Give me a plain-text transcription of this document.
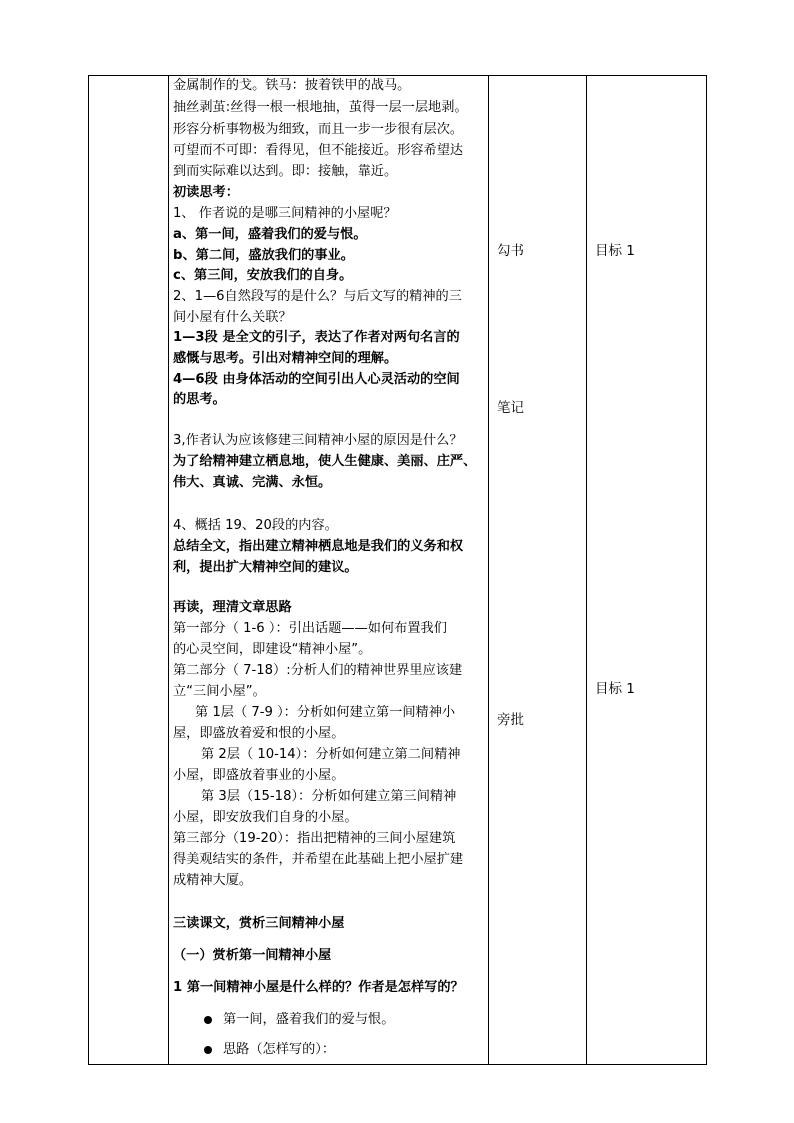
金属制作的戈。铁马：披着铁甲的战马。
抽丝剥茧:丝得一根一根地抽，茧得一层一层地剥。
形容分析事物极为细致，而且一步一步很有层次。
可望而不可即：看得见，但不能接近。形容希望达
到而实际难以达到。即：接触，靠近。
初读思考：
1、 作者说的是哪三间精神的小屋呢？
a、第一间，盛着我们的爱与恨。
b、第二间，盛放我们的事业。
c、第三间，安放我们的自身。
2、1—6自然段写的是什么？与后文写的精神的三
间小屋有什么关联？
1—3段 是全文的引子，表达了作者对两句名言的
感慨与思考。引出对精神空间的理解。
4—6段 由身体活动的空间引出人心灵活动的空间
的思考。
3,作者认为应该修建三间精神小屋的原因是什么？
为了给精神建立栖息地，使人生健康、美丽、庄严、
伟大、真诚、完满、永恒。
4、概括 19、20段的内容。
总结全文，指出建立精神栖息地是我们的义务和权
利，提出扩大精神空间的建议。
再读，理清文章思路
第一部分（ 1-6 ）：引出话题——如何布置我们
的心灵空间，即建设“精神小屋”。
第二部分（ 7-18）:分析人们的精神世界里应该建
立“三间小屋”。
第 1层（ 7-9 ）：分析如何建立第一间精神小
屋，即盛放着爱和恨的小屋。
第 2层（ 10-14）：分析如何建立第二间精神
小屋，即盛放着事业的小屋。
第 3层（15-18）：分析如何建立第三间精神
小屋，即安放我们自身的小屋。
第三部分（19-20）：指出把精神的三间小屋建筑
得美观结实的条件，并希望在此基础上把小屋扩建
成精神大厦。
三读课文，赏析三间精神小屋
（一）赏析第一间精神小屋
1 第一间精神小屋是什么样的？作者是怎样写的？
第一间，盛着我们的爱与恨。
思路（怎样写的）：
勾书
笔记
旁批
目标 1
目标 1
